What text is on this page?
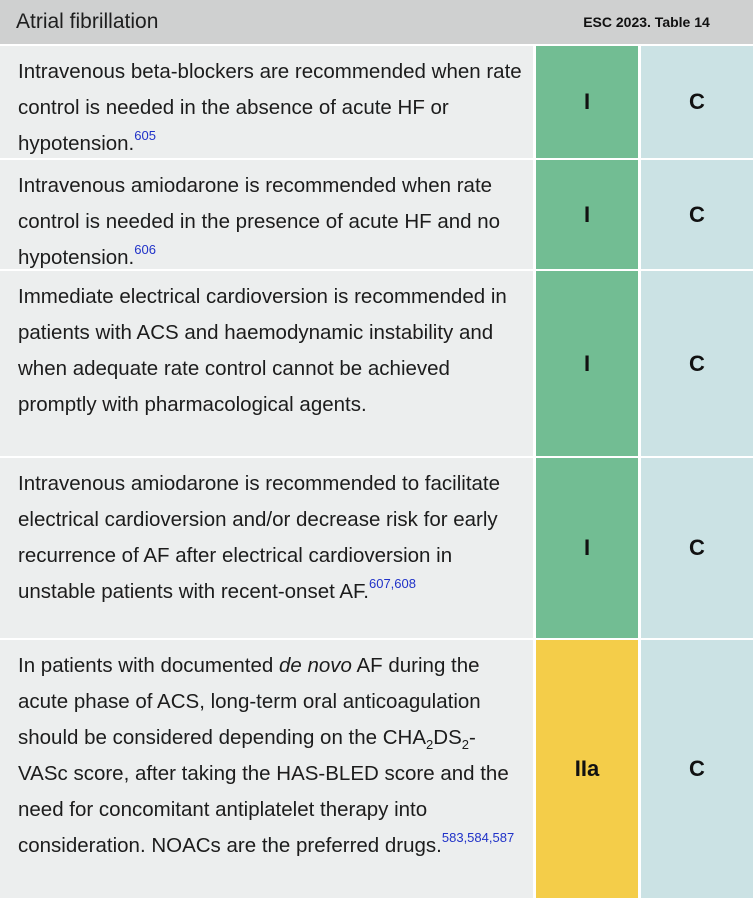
Atrial fibrillation	ESC 2023. Table 14
Intravenous beta-blockers are recommended when rate control is needed in the absence of acute HF or hypotension.$^{605}$
I	C
Intravenous amiodarone is recommended when rate control is needed in the presence of acute HF and no hypotension.$^{606}$
I	C
Immediate electrical cardioversion is recommended in patients with ACS and haemodynamic instability and when adequate rate control cannot be achieved promptly with pharmacological agents.
I	C
Intravenous amiodarone is recommended to facilitate electrical cardioversion and/or decrease risk for early recurrence of AF after electrical cardioversion in unstable patients with recent-onset AF.$^{607,608}$
I	C
In patients with documented de novo AF during the acute phase of ACS, long-term oral anticoagulation should be considered depending on the $CHA_2DS_2$-VASc score, after taking the HAS-BLED score and the need for concomitant antiplatelet therapy into consideration. NOACs are the preferred drugs.$^{583,584,587}$
IIa	C
